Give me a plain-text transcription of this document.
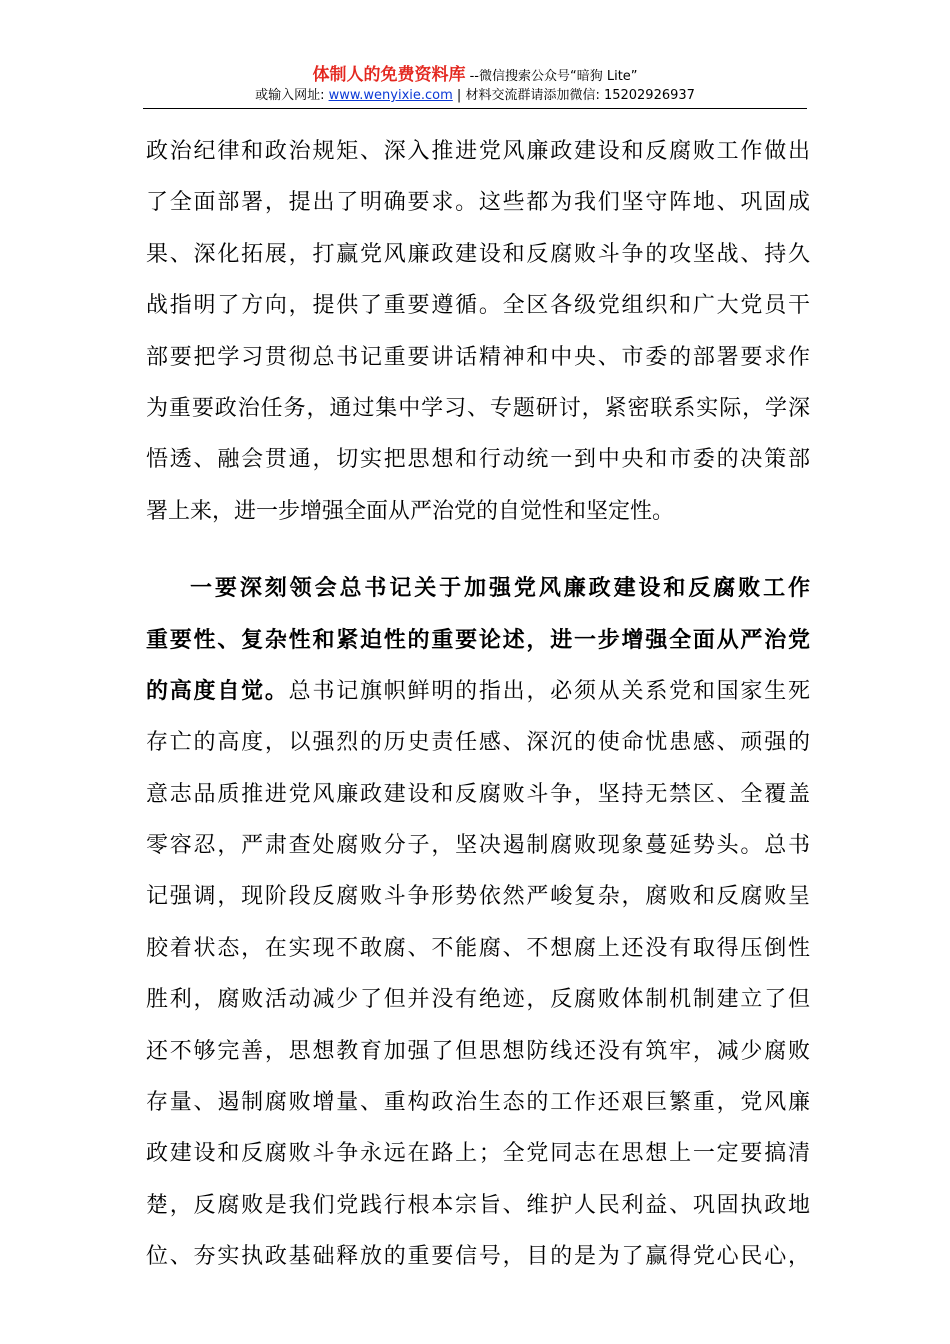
体制人的免费资料库 --微信搜索公众号“暗狗 Lite”
或输入网址: www.wenyixie.com | 材料交流群请添加微信: 15202926937
政治纪律和政治规矩、深入推进党风廉政建设和反腐败工作做出
了全面部署，提出了明确要求。这些都为我们坚守阵地、巩固成
果、深化拓展，打赢党风廉政建设和反腐败斗争的攻坚战、持久
战指明了方向，提供了重要遵循。全区各级党组织和广大党员干
部要把学习贯彻总书记重要讲话精神和中央、市委的部署要求作
为重要政治任务，通过集中学习、专题研讨，紧密联系实际，学深
悟透、融会贯通，切实把思想和行动统一到中央和市委的决策部
署上来，进一步增强全面从严治党的自觉性和坚定性。
一要深刻领会总书记关于加强党风廉政建设和反腐败工作
重要性、复杂性和紧迫性的重要论述，进一步增强全面从严治党
的高度自觉。总书记旗帜鲜明的指出，必须从关系党和国家生死
存亡的高度，以强烈的历史责任感、深沉的使命忧患感、顽强的
意志品质推进党风廉政建设和反腐败斗争，坚持无禁区、全覆盖
零容忍，严肃查处腐败分子，坚决遏制腐败现象蔓延势头。总书
记强调，现阶段反腐败斗争形势依然严峻复杂，腐败和反腐败呈
胶着状态，在实现不敢腐、不能腐、不想腐上还没有取得压倒性
胜利，腐败活动减少了但并没有绝迹，反腐败体制机制建立了但
还不够完善，思想教育加强了但思想防线还没有筑牢，减少腐败
存量、遏制腐败增量、重构政治生态的工作还艰巨繁重，党风廉
政建设和反腐败斗争永远在路上；全党同志在思想上一定要搞清
楚，反腐败是我们党践行根本宗旨、维护人民利益、巩固执政地
位、夯实执政基础释放的重要信号，目的是为了赢得党心民心，
